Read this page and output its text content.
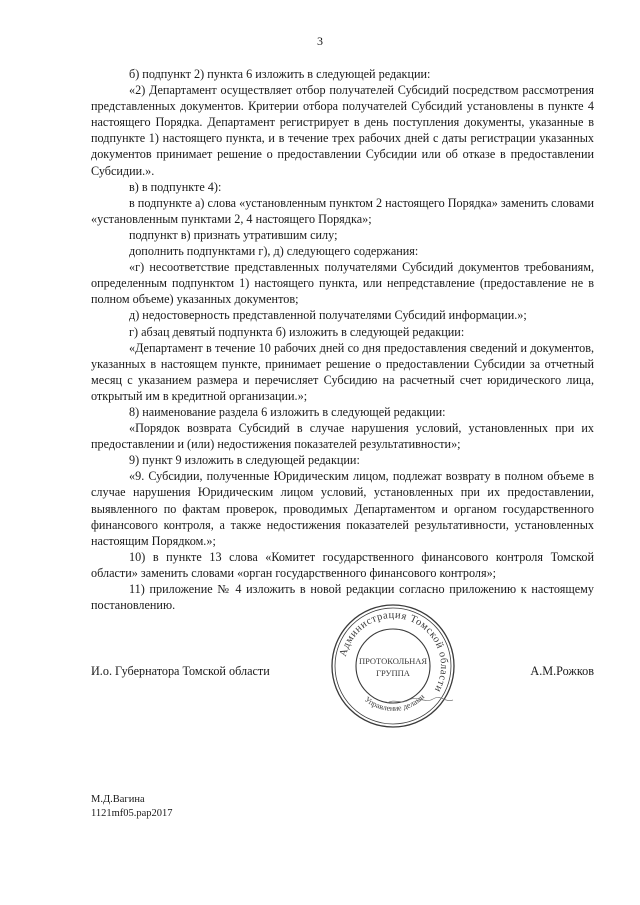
3

б) подпункт 2) пункта 6 изложить в следующей редакции:

«2) Департамент осуществляет отбор получателей Субсидий посредством рассмотрения представленных документов. Критерии отбора получателей Субсидий установлены в пункте 4 настоящего Порядка. Департамент регистрирует в день поступления документы, указанные в подпункте 1) настоящего пункта, и в течение трех рабочих дней с даты регистрации указанных документов принимает решение о предоставлении Субсидии или об отказе в предоставлении Субсидии.».

в) в подпункте 4):

в подпункте а) слова «установленным пунктом 2 настоящего Порядка» заменить словами «установленным пунктами 2, 4 настоящего Порядка»;

подпункт в) признать утратившим силу;

дополнить подпунктами г), д) следующего содержания:

«г) несоответствие представленных получателями Субсидий документов требованиям, определенным подпунктом 1) настоящего пункта, или непредставление (предоставление не в полном объеме) указанных документов;

д) недостоверность представленной получателями Субсидий информации.»;

г) абзац девятый подпункта б) изложить в следующей редакции:

«Департамент в течение 10 рабочих дней со дня предоставления сведений и документов, указанных в настоящем пункте, принимает решение о предоставлении Субсидии за отчетный месяц с указанием размера и перечисляет Субсидию на расчетный счет юридического лица, открытый им в кредитной организации.»;

8) наименование раздела 6 изложить в следующей редакции:

«Порядок возврата Субсидий в случае нарушения условий, установленных при их предоставлении и (или) недостижения показателей результативности»;

9) пункт 9 изложить в следующей редакции:

«9. Субсидии, полученные Юридическим лицом, подлежат возврату в полном объеме в случае нарушения Юридическим лицом условий, установленных при их предоставлении, выявленного по фактам проверок, проводимых Департаментом и органом государственного финансового контроля, а также недостижения показателей результативности, установленных настоящим Порядком.»;

10) в пункте 13 слова «Комитет государственного финансового контроля Томской области» заменить словами «орган государственного финансового контроля»;

11) приложение № 4 изложить в новой редакции согласно приложению к настоящему постановлению.

Администрация Томской области
Управление делами
ПРОТОКОЛЬНАЯ
ГРУППА
И.о. Губернатора Томской области	А.М.Рожков
М.Д.Вагина
1121mf05.рар2017
